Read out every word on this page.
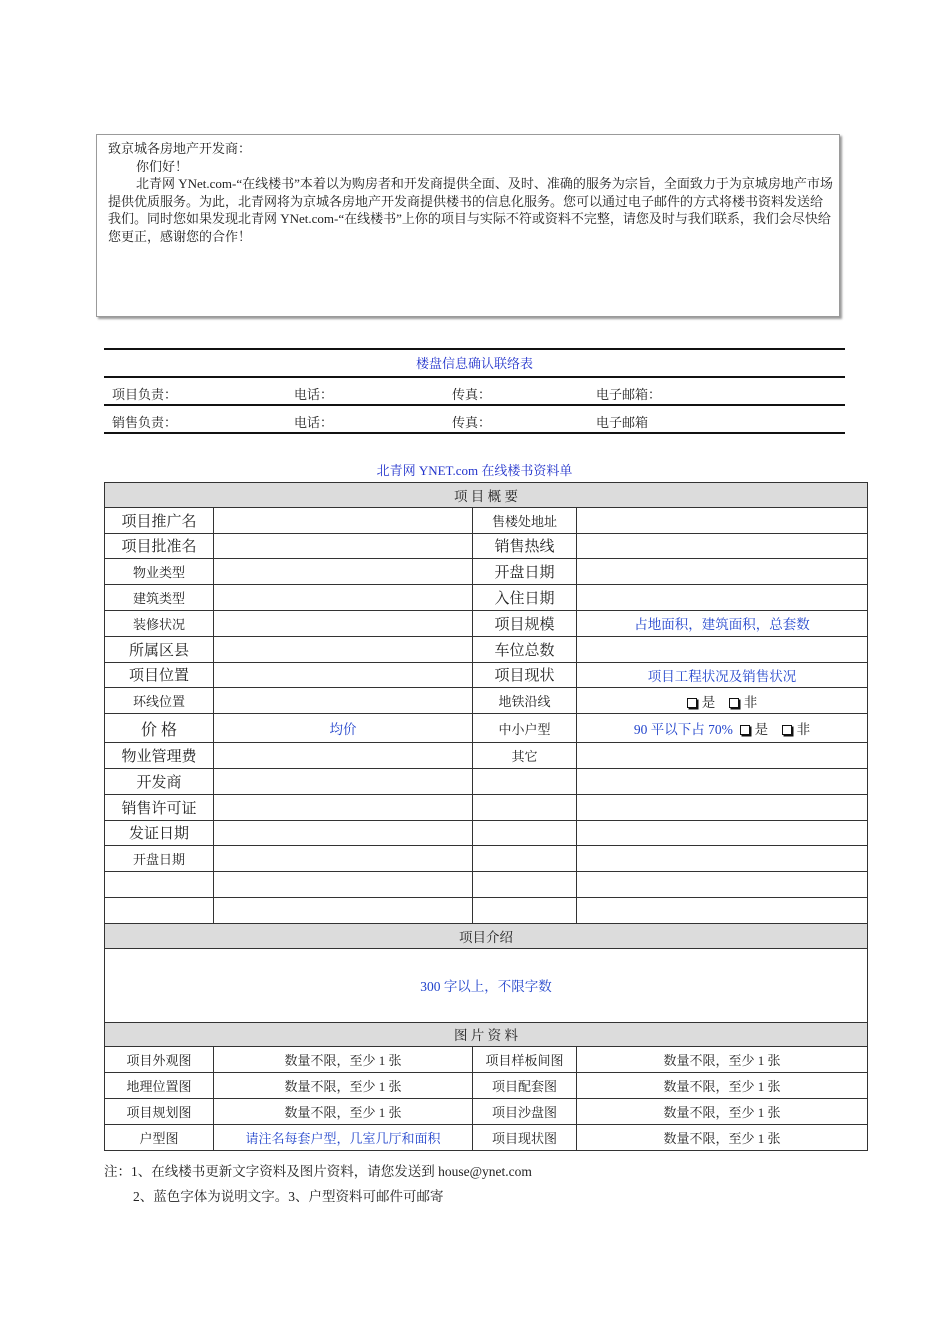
致京城各房地产开发商：

你们好！

北青网 YNet.com-“在线楼书”本着以为购房者和开发商提供全面、及时、准确的服务为宗旨，全面致力于为京城房地产市场提供优质服务。为此，北青网将为京城各房地产开发商提供楼书的信息化服务。您可以通过电子邮件的方式将楼书资料发送给我们。同时您如果发现北青网 YNet.com-“在线楼书”上你的项目与实际不符或资料不完整，请您及时与我们联系，我们会尽快给您更正，感谢您的合作！

楼盘信息确认联络表
项目负责：	电话：	传真：	电子邮箱：
销售负责：	电话：	传真：	电子邮箱
北青网 YNET.com 在线楼书资料单
项 目 概 要			
项目推广名		售楼处地址	
项目批准名		销售热线	
物业类型		开盘日期	
建筑类型		入住日期	
装修状况		项目规模	占地面积，建筑面积，总套数
所属区县		车位总数	
项目位置		项目现状	项目工程状况及销售状况
环线位置		地铁沿线	是 非
价 格	均价	中小户型	90 平以下占 70% 是 非
物业管理费		其它	
开发商			
销售许可证			
发证日期			
开盘日期			

项目介绍			
300 字以上，不限字数			
图 片 资 料			
项目外观图	数量不限，至少 1 张	项目样板间图	数量不限，至少 1 张
地理位置图	数量不限，至少 1 张	项目配套图	数量不限，至少 1 张
项目规划图	数量不限，至少 1 张	项目沙盘图	数量不限，至少 1 张
户型图	请注名每套户型，几室几厅和面积	项目现状图	数量不限，至少 1 张
注：1、在线楼书更新文字资料及图片资料，请您发送到 house@ynet.com
2、蓝色字体为说明文字。3、户型资料可邮件可邮寄
